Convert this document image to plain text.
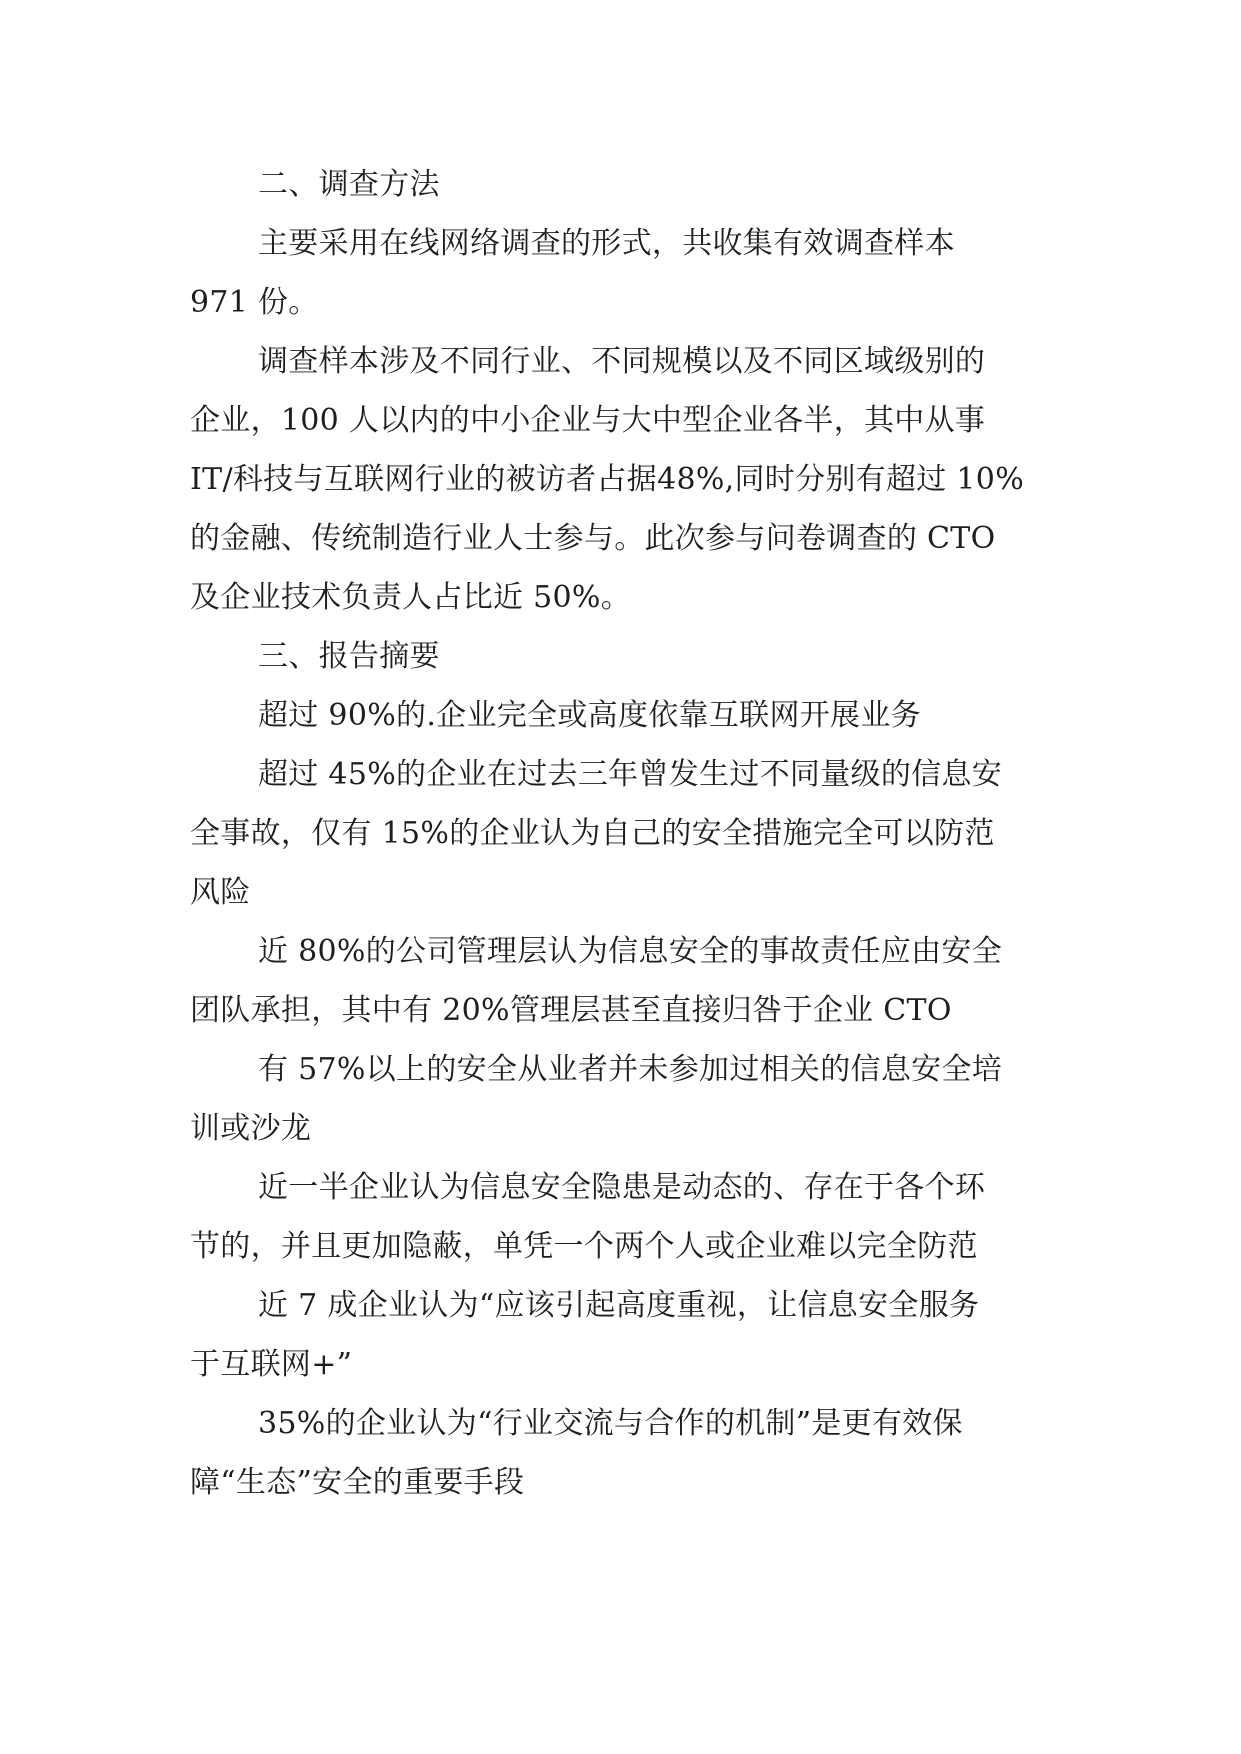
二、调查方法

主要采用在线网络调查的形式，共收集有效调查样本

971 份。

调查样本涉及不同行业、不同规模以及不同区域级别的

企业，100 人以内的中小企业与大中型企业各半，其中从事

IT/科技与互联网行业的被访者占据48%,同时分别有超过 10%

的金融、传统制造行业人士参与。此次参与问卷调查的 CTO

及企业技术负责人占比近 50%。

三、报告摘要

超过 90%的.企业完全或高度依靠互联网开展业务

超过 45%的企业在过去三年曾发生过不同量级的信息安

全事故，仅有 15%的企业认为自己的安全措施完全可以防范

风险

近 80%的公司管理层认为信息安全的事故责任应由安全

团队承担，其中有 20%管理层甚至直接归咎于企业 CTO

有 57%以上的安全从业者并未参加过相关的信息安全培

训或沙龙

近一半企业认为信息安全隐患是动态的、存在于各个环

节的，并且更加隐蔽，单凭一个两个人或企业难以完全防范

近 7 成企业认为“应该引起高度重视，让信息安全服务

于互联网+”

35%的企业认为“行业交流与合作的机制”是更有效保

障“生态”安全的重要手段
